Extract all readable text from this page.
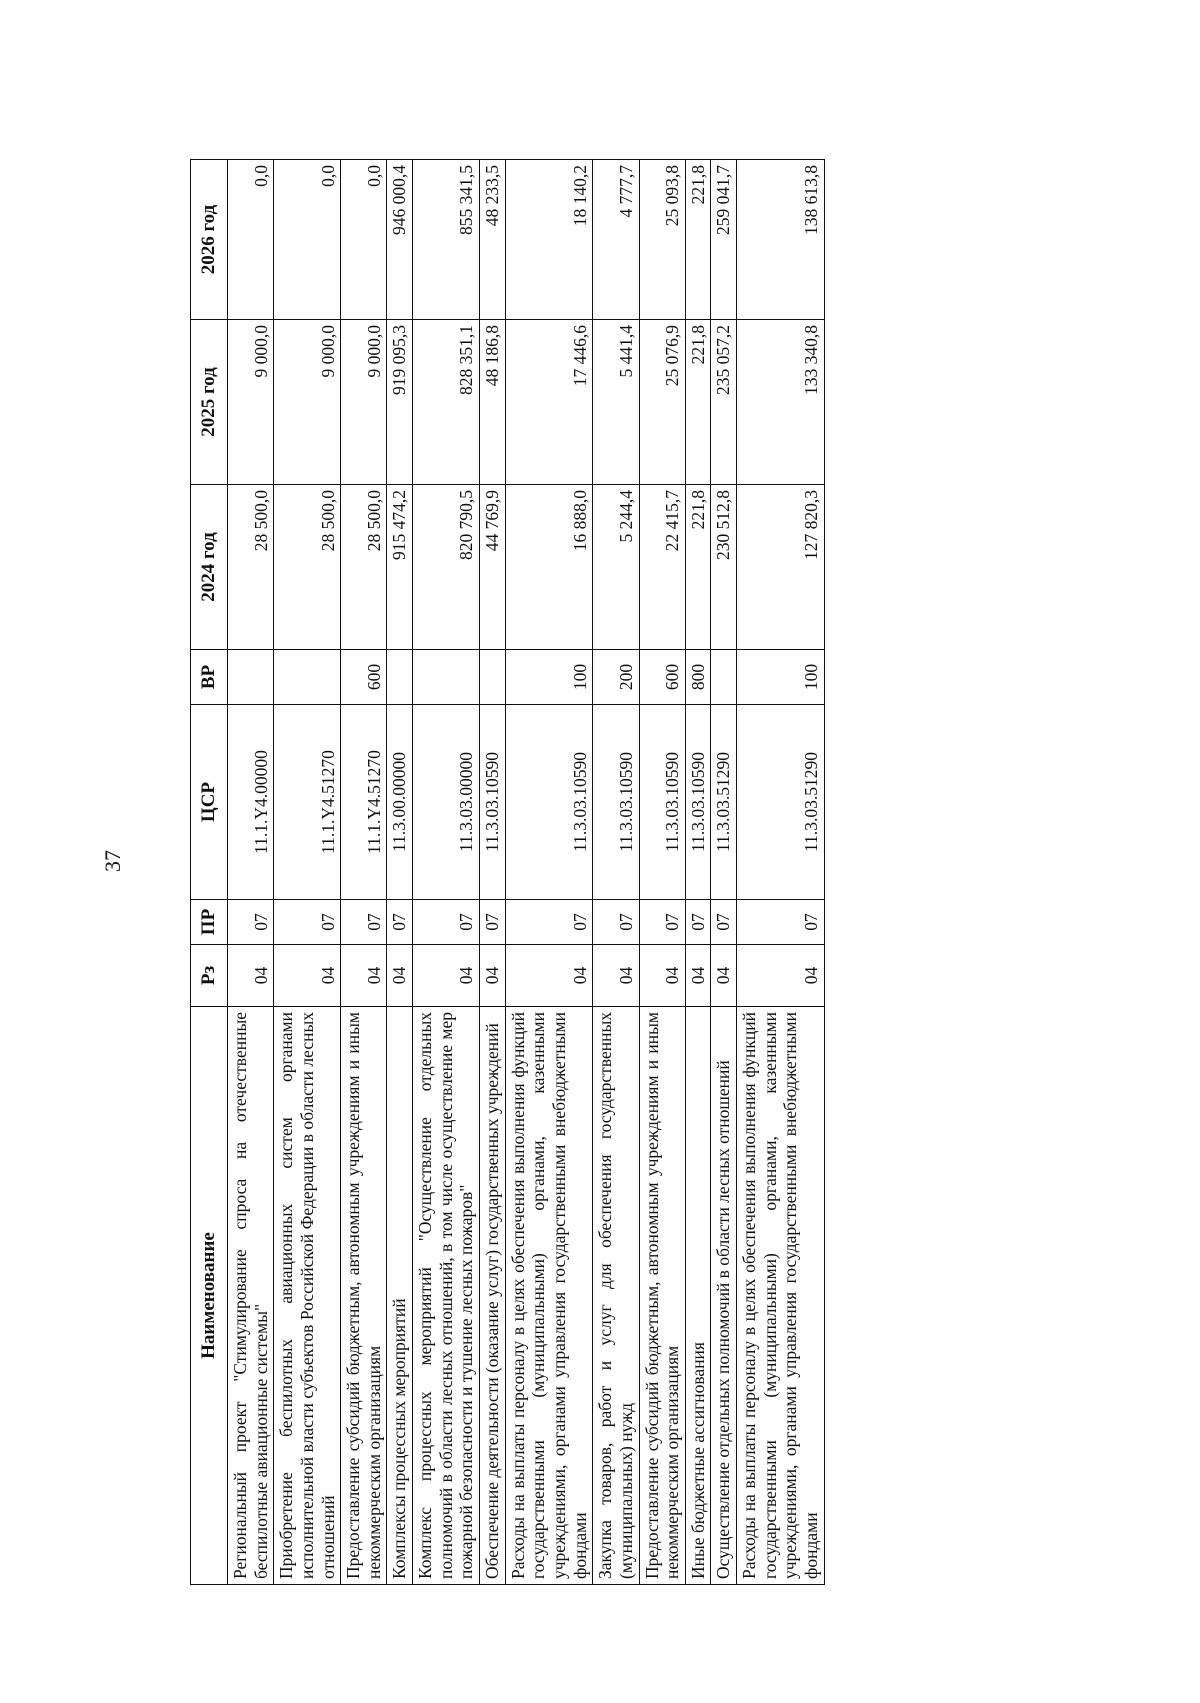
37
Наименование	Рз	ПР	ЦСР	ВР	2024 год	2025 год	2026 год
Региональный проект "Стимулирование спроса на отечественные беспилотные авиационные системы"	04	07	11.1.Y4.00000		28 500,0	9 000,0	0,0
Приобретение беспилотных авиационных систем органами исполнительной власти субъектов Российской Федерации в области лесных отношений	04	07	11.1.Y4.51270		28 500,0	9 000,0	0,0
Предоставление субсидий бюджетным, автономным учреждениям и иным некоммерческим организациям	04	07	11.1.Y4.51270	600	28 500,0	9 000,0	0,0
Комплексы процессных мероприятий	04	07	11.3.00.00000		915 474,2	919 095,3	946 000,4
Комплекс процессных мероприятий "Осуществление отдельных полномочий в области лесных отношений, в том числе осуществление мер пожарной безопасности и тушение лесных пожаров"	04	07	11.3.03.00000		820 790,5	828 351,1	855 341,5
Обеспечение деятельности (оказание услуг) государственных учреждений	04	07	11.3.03.10590		44 769,9	48 186,8	48 233,5
Расходы на выплаты персоналу в целях обеспечения выполнения функций государственными (муниципальными) органами, казенными учреждениями, органами управления государственными внебюджетными фондами	04	07	11.3.03.10590	100	16 888,0	17 446,6	18 140,2
Закупка товаров, работ и услуг для обеспечения государственных (муниципальных) нужд	04	07	11.3.03.10590	200	5 244,4	5 441,4	4 777,7
Предоставление субсидий бюджетным, автономным учреждениям и иным некоммерческим организациям	04	07	11.3.03.10590	600	22 415,7	25 076,9	25 093,8
Иные бюджетные ассигнования	04	07	11.3.03.10590	800	221,8	221,8	221,8
Осуществление отдельных полномочий в области лесных отношений	04	07	11.3.03.51290		230 512,8	235 057,2	259 041,7
Расходы на выплаты персоналу в целях обеспечения выполнения функций государственными (муниципальными) органами, казенными учреждениями, органами управления государственными внебюджетными фондами	04	07	11.3.03.51290	100	127 820,3	133 340,8	138 613,8
